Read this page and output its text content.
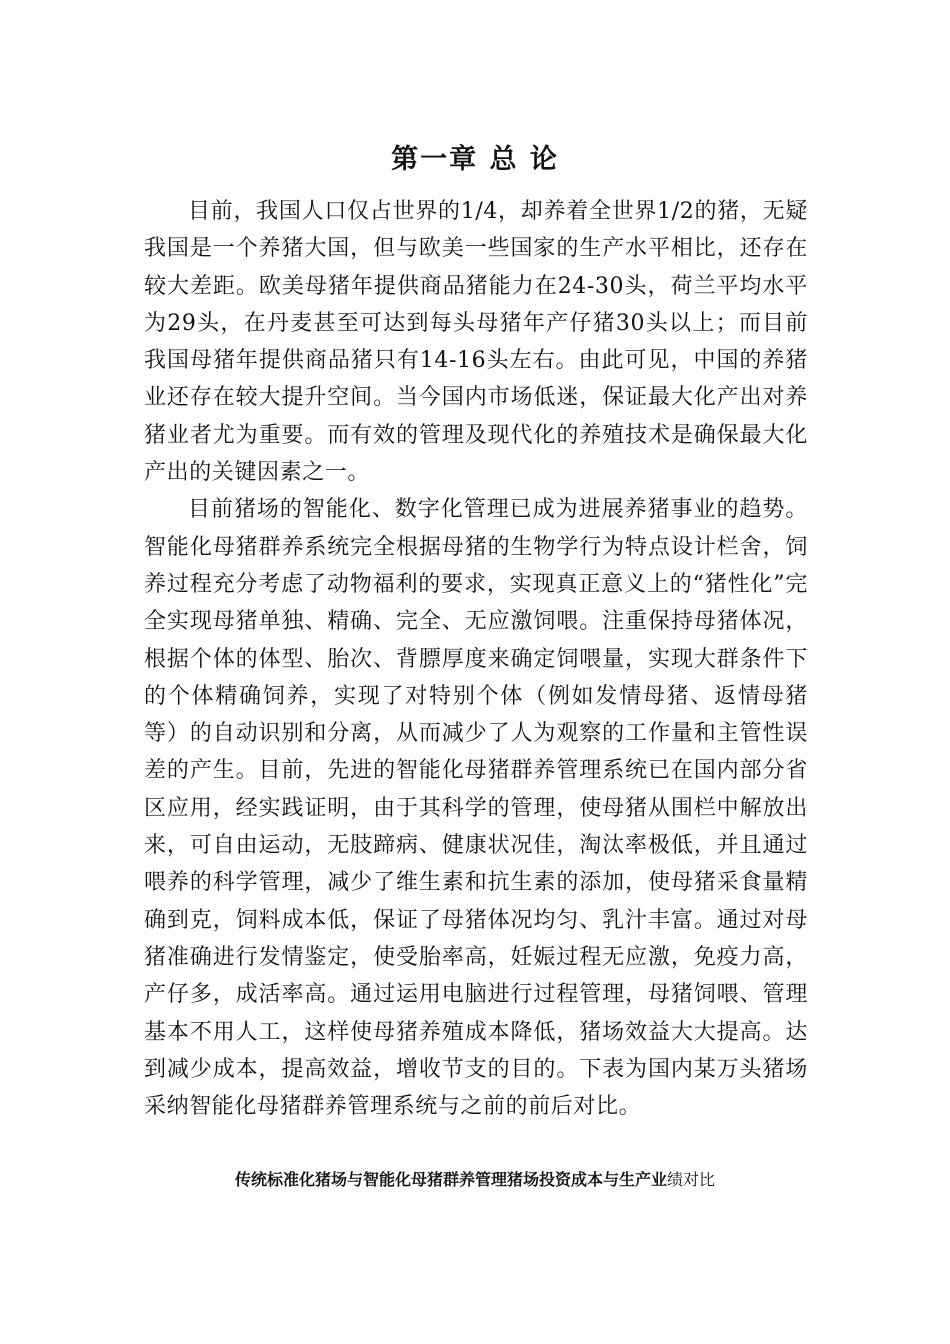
第一章 总 论

目前，我国人口仅占世界的1/4，却养着全世界1/2的猪，无疑我国是一个养猪大国，但与欧美一些国家的生产水平相比，还存在较大差距。欧美母猪年提供商品猪能力在24-30头，荷兰平均水平为29头，在丹麦甚至可达到每头母猪年产仔猪30头以上；而目前我国母猪年提供商品猪只有14-16头左右。由此可见，中国的养猪业还存在较大提升空间。当今国内市场低迷，保证最大化产出对养猪业者尤为重要。而有效的管理及现代化的养殖技术是确保最大化产出的关键因素之一。

目前猪场的智能化、数字化管理已成为进展养猪事业的趋势。智能化母猪群养系统完全根据母猪的生物学行为特点设计栏舍，饲养过程充分考虑了动物福利的要求，实现真正意义上的“猪性化”完全实现母猪单独、精确、完全、无应激饲喂。注重保持母猪体况，根据个体的体型、胎次、背膘厚度来确定饲喂量，实现大群条件下的个体精确饲养，实现了对特别个体（例如发情母猪、返情母猪等）的自动识别和分离，从而减少了人为观察的工作量和主管性误差的产生。目前，先进的智能化母猪群养管理系统已在国内部分省区应用，经实践证明，由于其科学的管理，使母猪从围栏中解放出来，可自由运动，无肢蹄病、健康状况佳，淘汰率极低，并且通过喂养的科学管理，减少了维生素和抗生素的添加，使母猪采食量精确到克，饲料成本低，保证了母猪体况均匀、乳汁丰富。通过对母猪准确进行发情鉴定，使受胎率高，妊娠过程无应激，免疫力高，产仔多，成活率高。通过运用电脑进行过程管理，母猪饲喂、管理基本不用人工，这样使母猪养殖成本降低，猪场效益大大提高。达到减少成本，提高效益，增收节支的目的。下表为国内某万头猪场采纳智能化母猪群养管理系统与之前的前后对比。

传统标准化猪场与智能化母猪群养管理猪场投资成本与生产业绩对比
